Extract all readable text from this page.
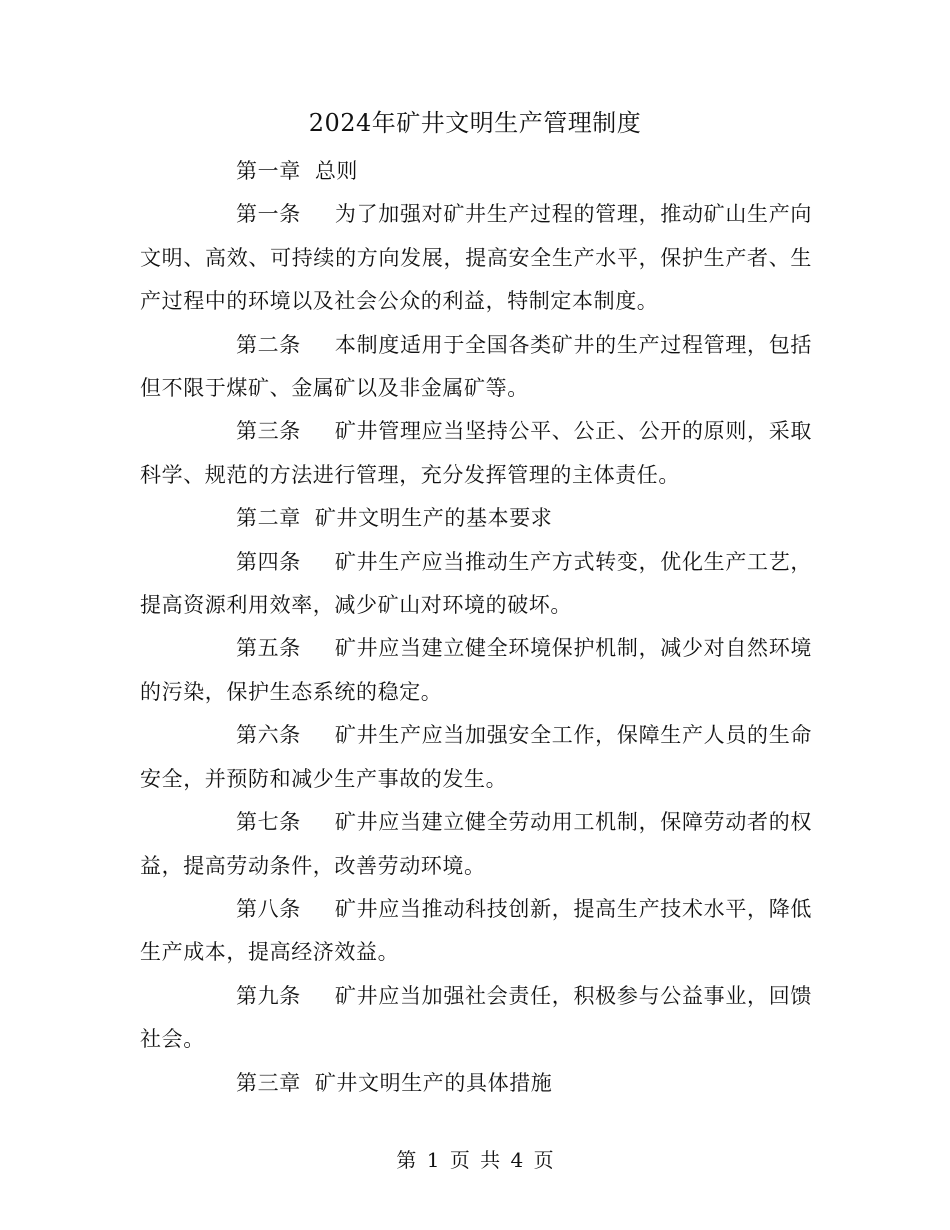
2024年矿井文明生产管理制度

第一章 总则

第一条 为了加强对矿井生产过程的管理，推动矿山生产向文明、高效、可持续的方向发展，提高安全生产水平，保护生产者、生产过程中的环境以及社会公众的利益，特制定本制度。

第二条 本制度适用于全国各类矿井的生产过程管理，包括但不限于煤矿、金属矿以及非金属矿等。

第三条 矿井管理应当坚持公平、公正、公开的原则，采取科学、规范的方法进行管理，充分发挥管理的主体责任。

第二章 矿井文明生产的基本要求

第四条 矿井生产应当推动生产方式转变，优化生产工艺，提高资源利用效率，减少矿山对环境的破坏。

第五条 矿井应当建立健全环境保护机制，减少对自然环境的污染，保护生态系统的稳定。

第六条 矿井生产应当加强安全工作，保障生产人员的生命安全，并预防和减少生产事故的发生。

第七条 矿井应当建立健全劳动用工机制，保障劳动者的权益，提高劳动条件，改善劳动环境。

第八条 矿井应当推动科技创新，提高生产技术水平，降低生产成本，提高经济效益。

第九条 矿井应当加强社会责任，积极参与公益事业，回馈社会。

第三章 矿井文明生产的具体措施

第 1 页 共 4 页
